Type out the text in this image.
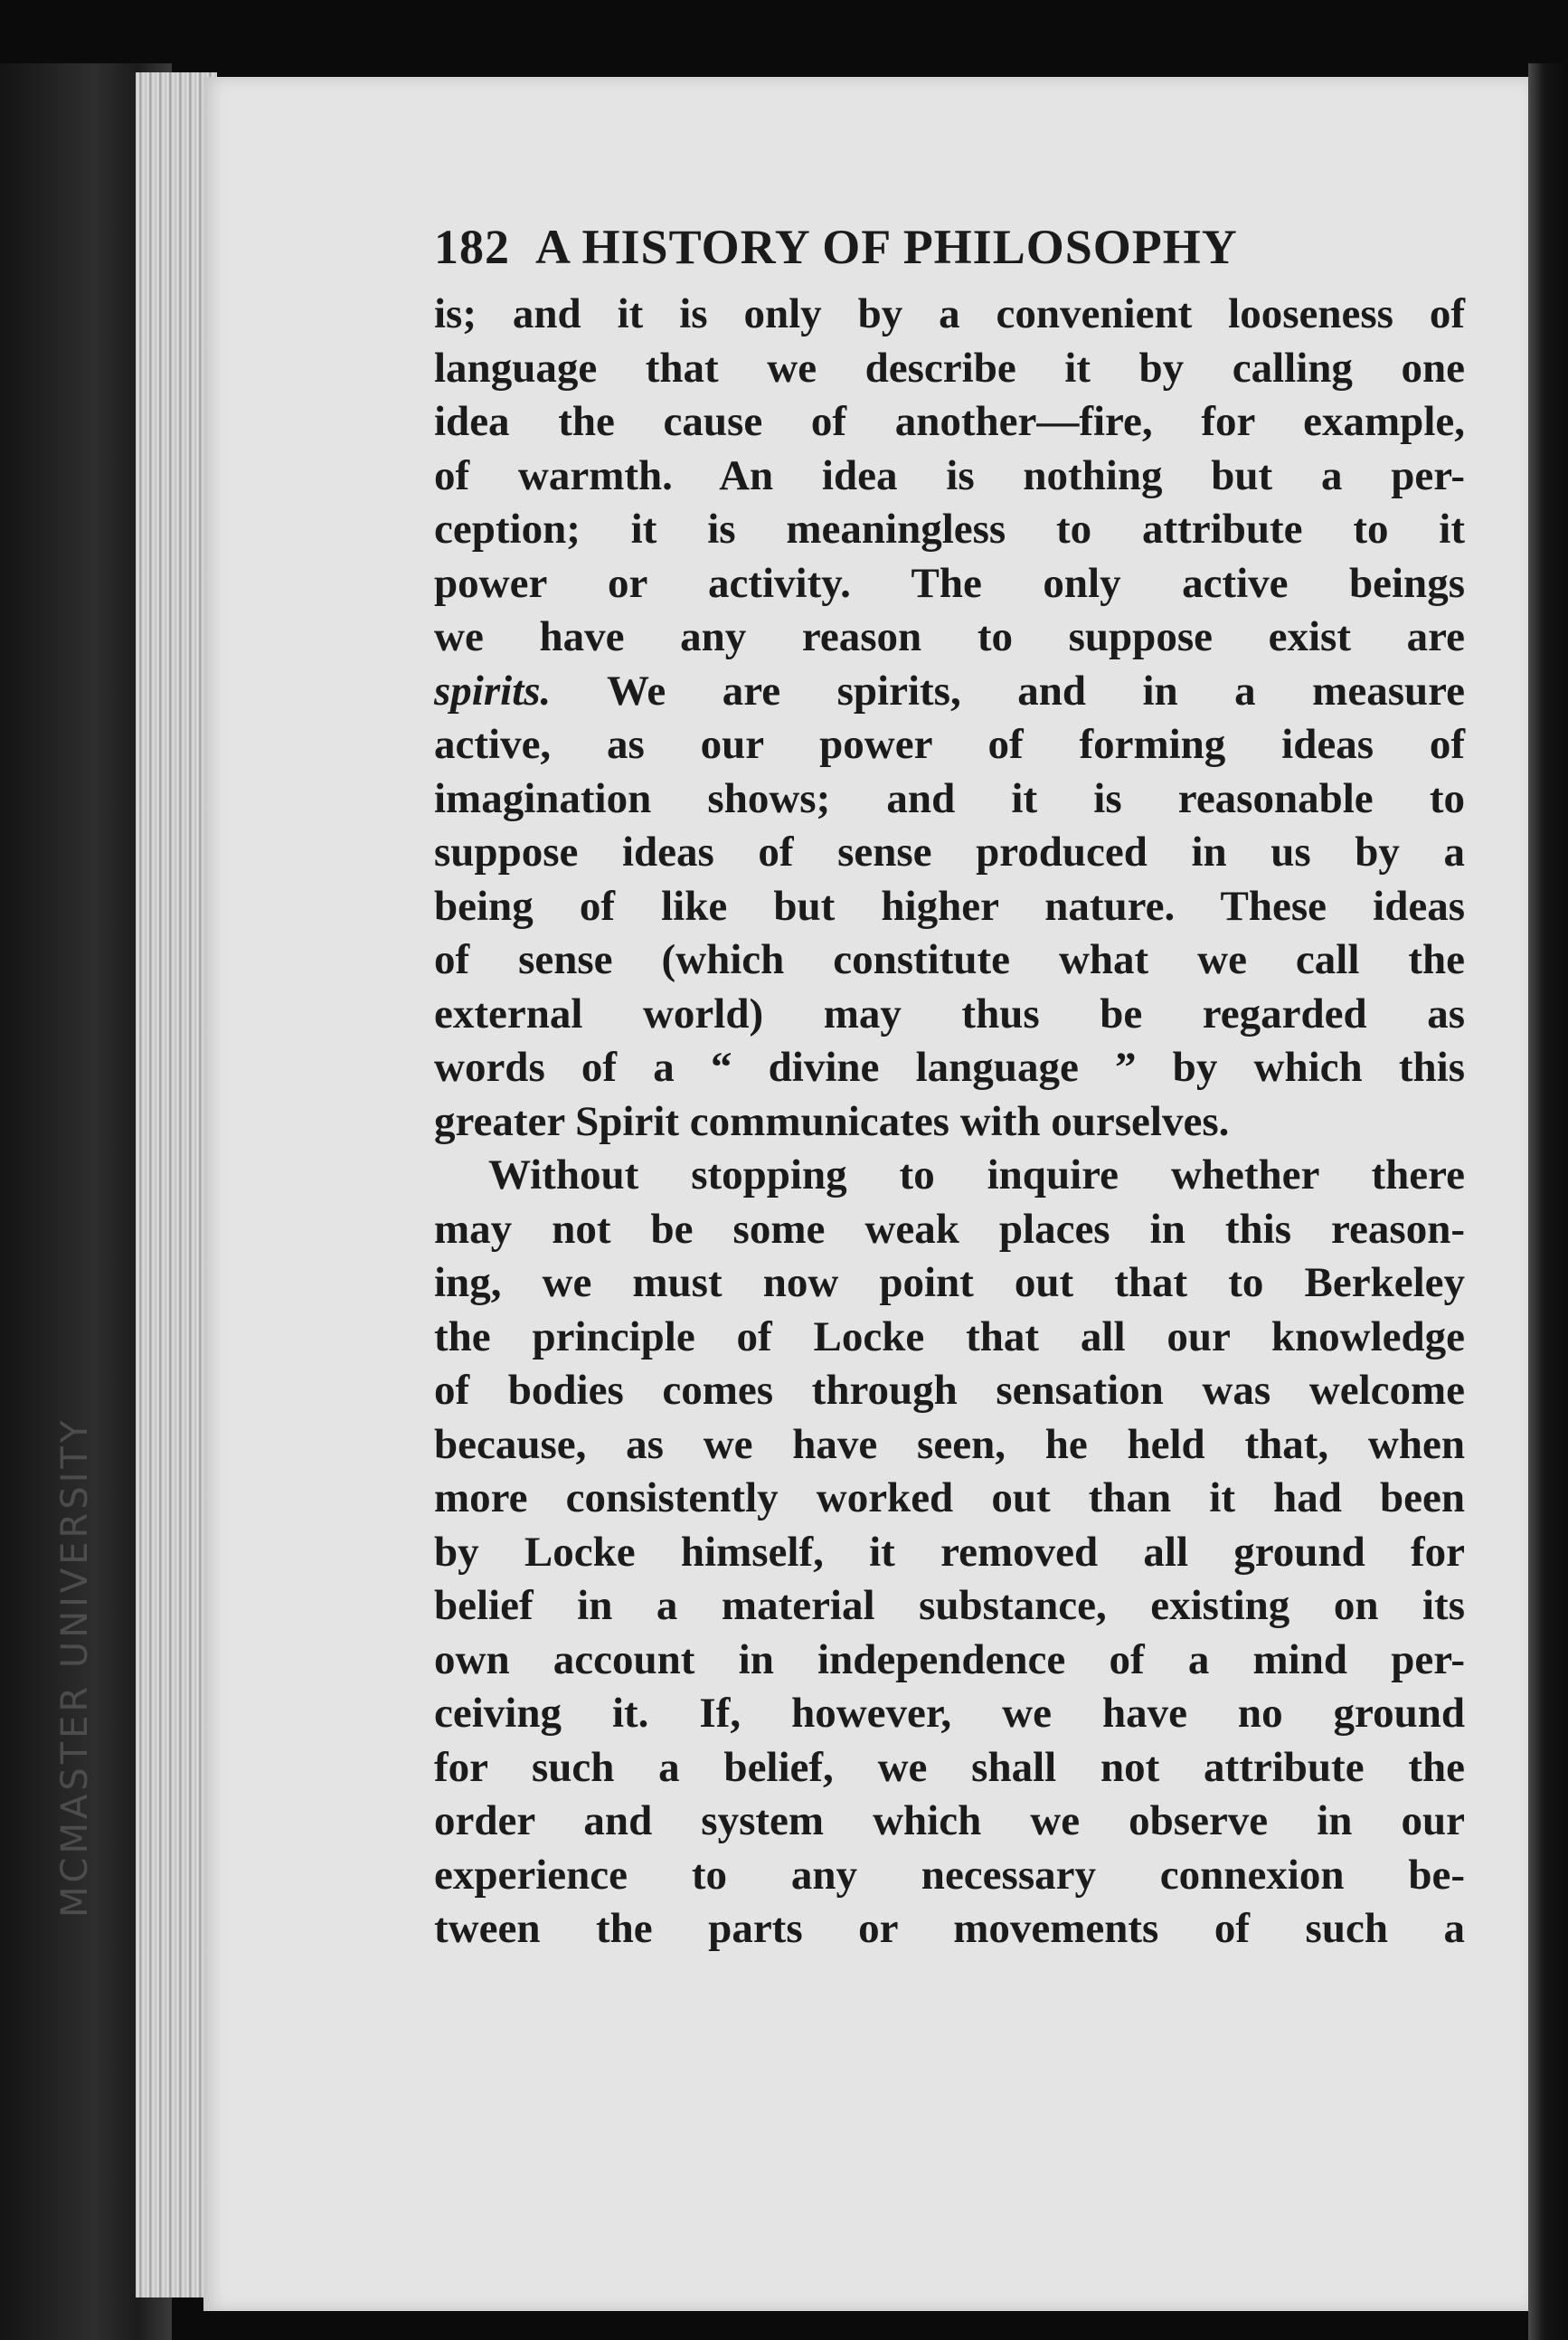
MCMASTER UNIVERSITY
182 A HISTORY OF PHILOSOPHY
is; and it is only by a convenient looseness of
language that we describe it by calling one
idea the cause of another—fire, for example,
of warmth. An idea is nothing but a per-
ception; it is meaningless to attribute to it
power or activity. The only active beings
we have any reason to suppose exist are
spirits. We are spirits, and in a measure
active, as our power of forming ideas of
imagination shows; and it is reasonable to
suppose ideas of sense produced in us by a
being of like but higher nature. These ideas
of sense (which constitute what we call the
external world) may thus be regarded as
words of a “ divine language ” by which this
greater Spirit communicates with ourselves.
Without stopping to inquire whether there
may not be some weak places in this reason-
ing, we must now point out that to Berkeley
the principle of Locke that all our knowledge
of bodies comes through sensation was welcome
because, as we have seen, he held that, when
more consistently worked out than it had been
by Locke himself, it removed all ground for
belief in a material substance, existing on its
own account in independence of a mind per-
ceiving it. If, however, we have no ground
for such a belief, we shall not attribute the
order and system which we observe in our
experience to any necessary connexion be-
tween the parts or movements of such a
